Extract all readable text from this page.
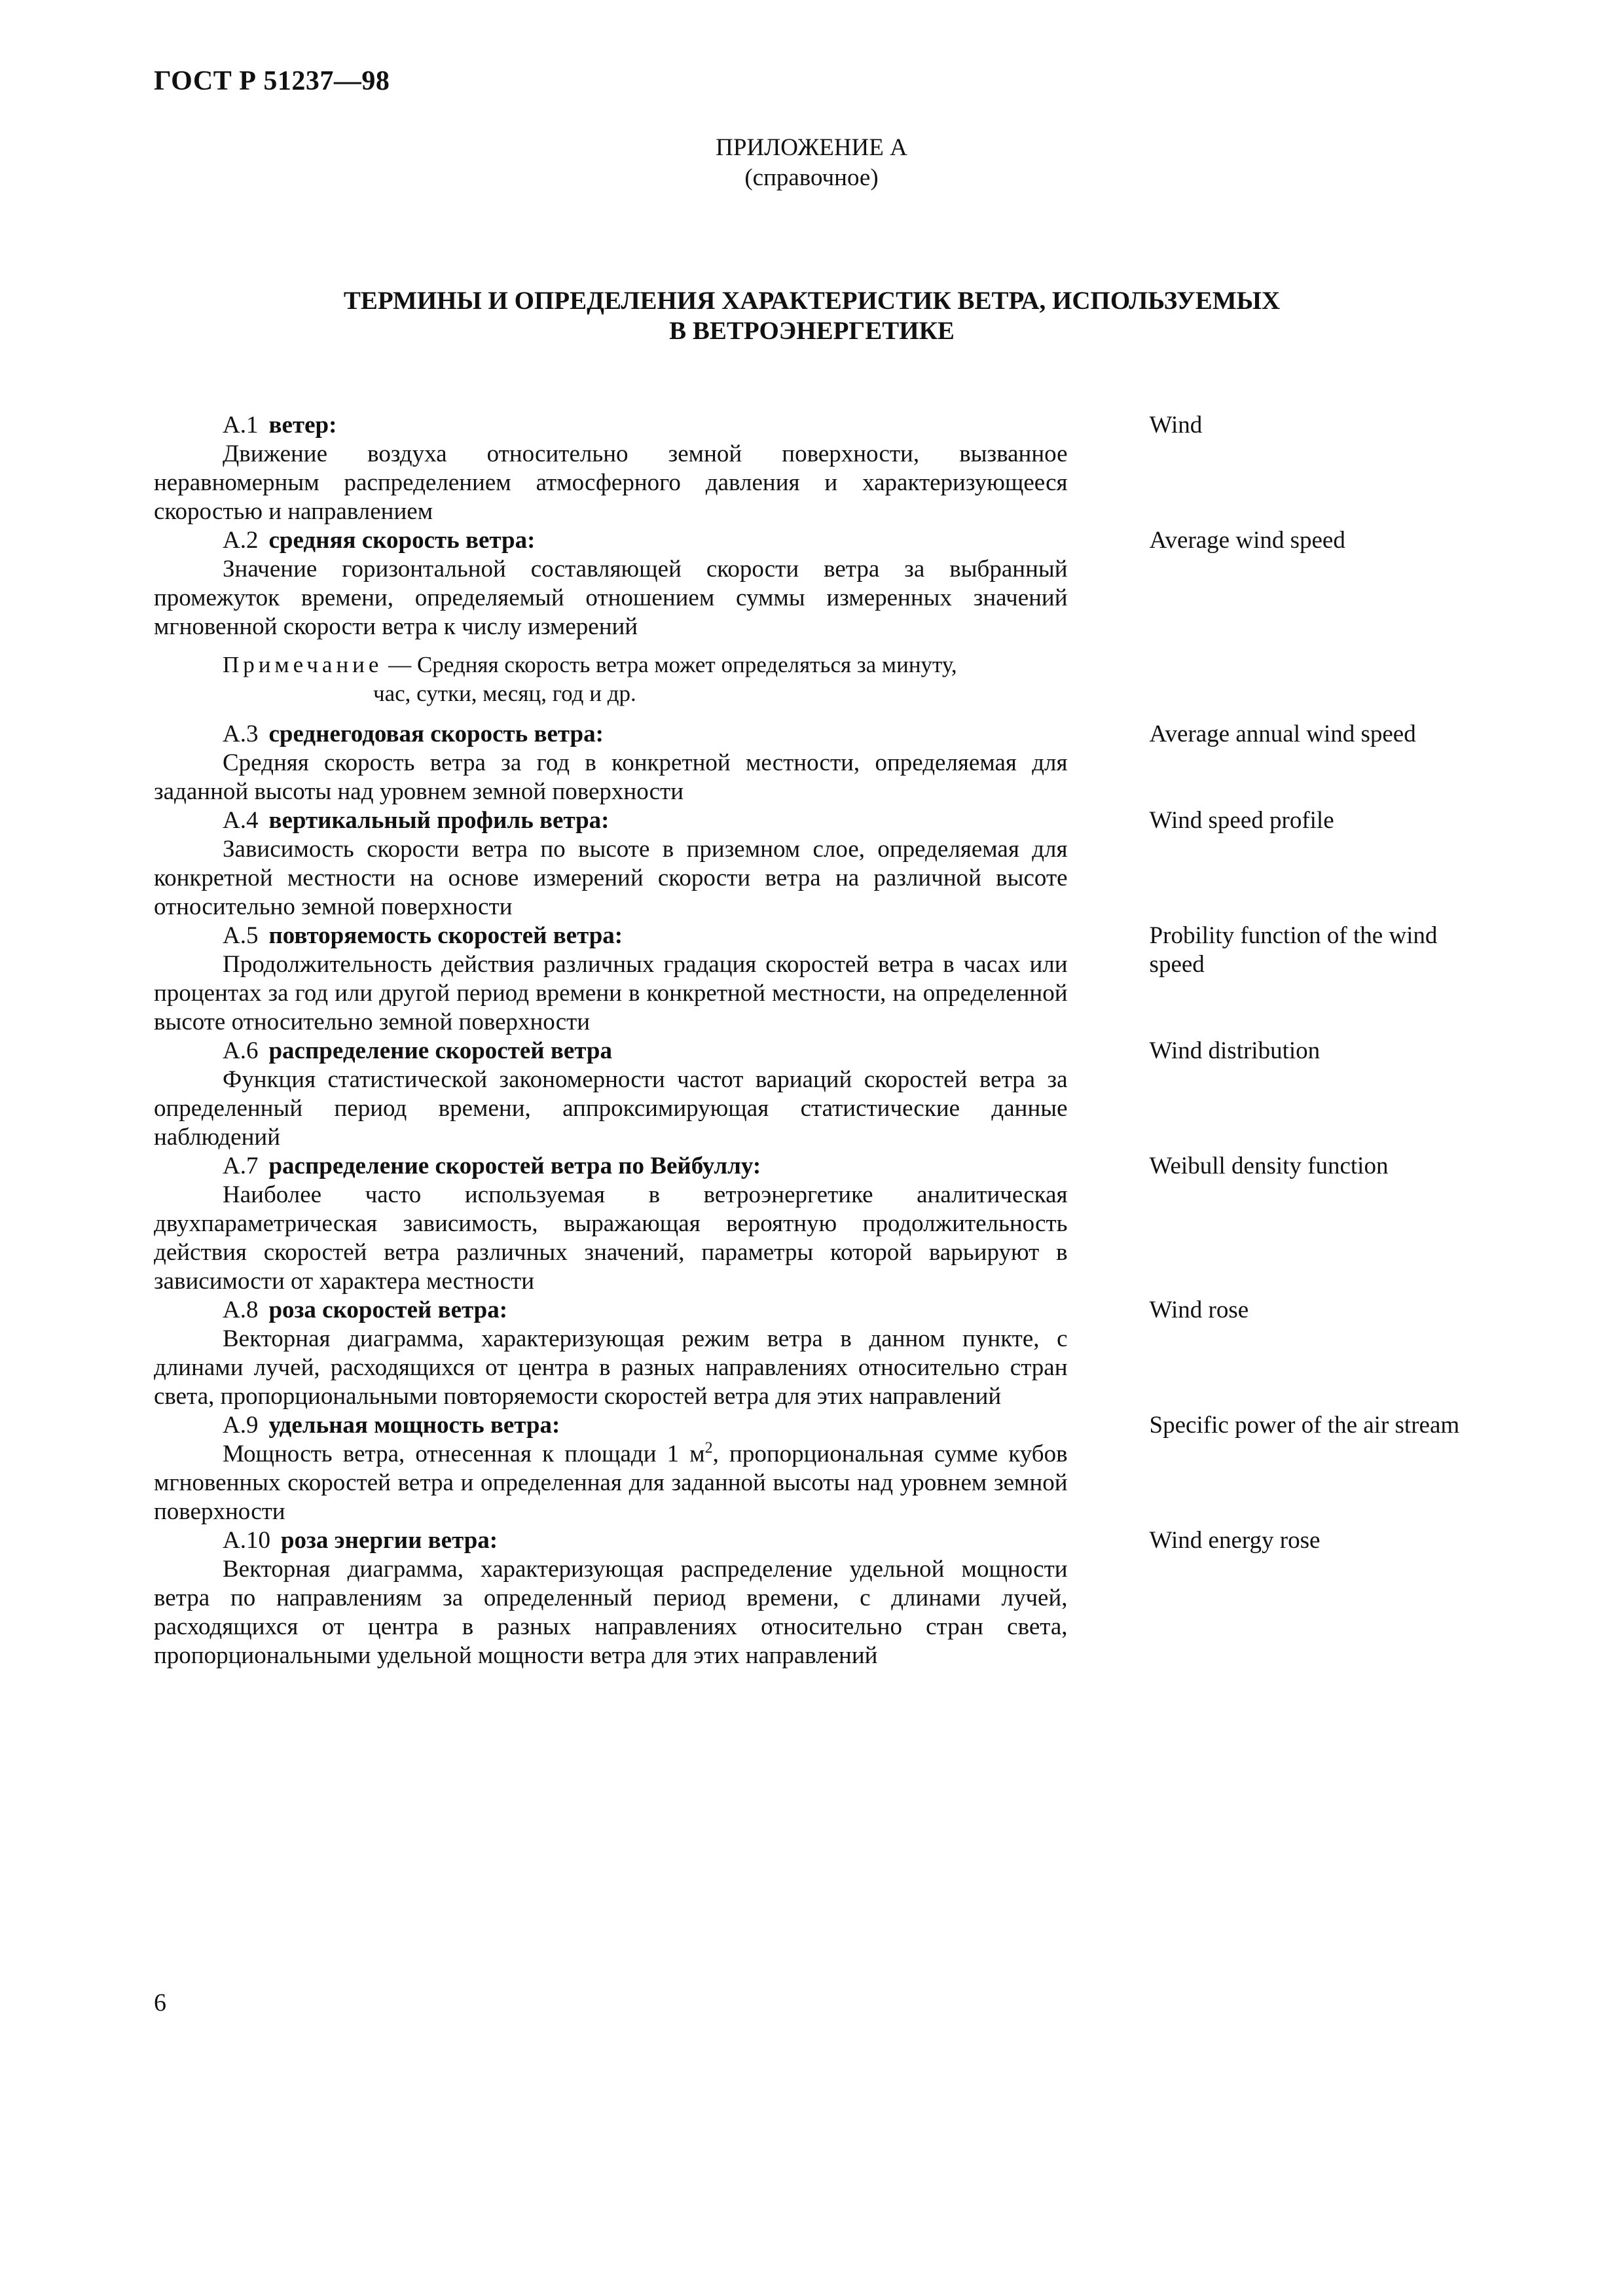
ГОСТ Р 51237—98
ПРИЛОЖЕНИЕ А
(справочное)
ТЕРМИНЫ И ОПРЕДЕЛЕНИЯ ХАРАКТЕРИСТИК ВЕТРА, ИСПОЛЬЗУЕМЫХ
В ВЕТРОЭНЕРГЕТИКЕ
А.1 ветер:
Движение воздуха относительно земной поверхности, вызванное неравномерным распределением атмосферного давления и характеризующееся скоростью и направлением
Wind
А.2 средняя скорость ветра:
Значение горизонтальной составляющей скорости ветра за выбранный промежуток времени, определяемый отношением суммы измеренных значений мгновенной скорости ветра к числу измерений
Примечание — Средняя скорость ветра может определяться за минуту,
час, сутки, месяц, год и др.
Average wind speed
А.3 среднегодовая скорость ветра:
Средняя скорость ветра за год в конкретной местности, определяемая для заданной высоты над уровнем земной поверхности
Average annual wind speed
А.4 вертикальный профиль ветра:
Зависимость скорости ветра по высоте в приземном слое, определяемая для конкретной местности на основе измерений скорости ветра на различной высоте относительно земной поверхности
Wind speed profile
А.5 повторяемость скоростей ветра:
Продолжительность действия различных градация скоростей ветра в часах или процентах за год или другой период времени в конкретной местности, на определенной высоте относительно земной поверхности
Probility function of the wind speed
А.6 распределение скоростей ветра
Функция статистической закономерности частот вариаций скоростей ветра за определенный период времени, аппроксимирующая статистические данные наблюдений
Wind distribution
А.7 распределение скоростей ветра по Вейбуллу:
Наиболее часто используемая в ветроэнергетике аналитическая двухпараметрическая зависимость, выражающая вероятную продолжительность действия скоростей ветра различных значений, параметры которой варьируют в зависимости от характера местности
Weibull density function
А.8 роза скоростей ветра:
Векторная диаграмма, характеризующая режим ветра в данном пункте, с длинами лучей, расходящихся от центра в разных направлениях относительно стран света, пропорциональными повторяемости скоростей ветра для этих направлений
Wind rose
А.9 удельная мощность ветра:
Мощность ветра, отнесенная к площади 1 $м^2$, пропорциональная сумме кубов мгновенных скоростей ветра и определенная для заданной высоты над уровнем земной поверхности
Specific power of the air stream
А.10 роза энергии ветра:
Векторная диаграмма, характеризующая распределение удельной мощности ветра по направлениям за определенный период времени, с длинами лучей, расходящихся от центра в разных направлениях относительно стран света, пропорциональными удельной мощности ветра для этих направлений
Wind energy rose
6
